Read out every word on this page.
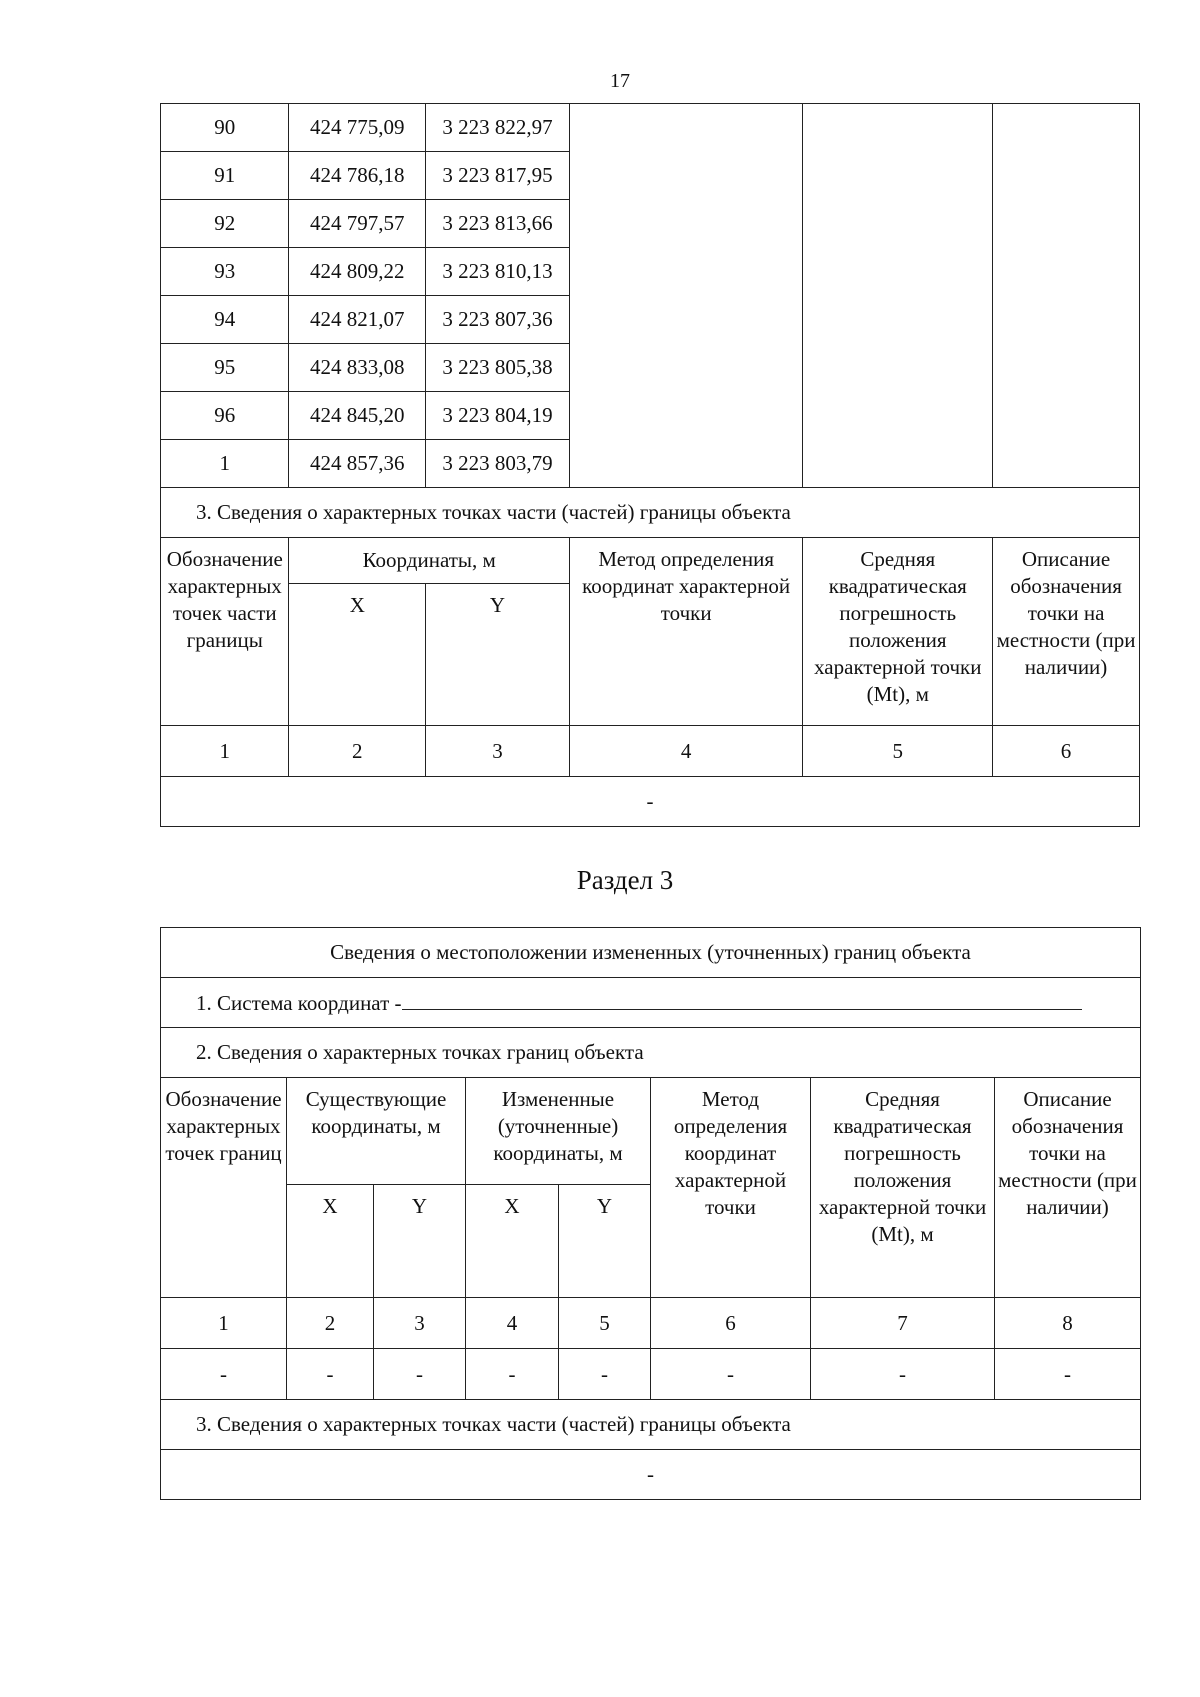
17
90	424 775,09	3 223 822,97			
91	424 786,18	3 223 817,95			
92	424 797,57	3 223 813,66			
93	424 809,22	3 223 810,13			
94	424 821,07	3 223 807,36			
95	424 833,08	3 223 805,38			
96	424 845,20	3 223 804,19			
1	424 857,36	3 223 803,79			
3. Сведения о характерных точках части (частей) границы объекта					
Обозначение характерных точек части границы	Координаты, м		Метод определения координат характерной точки	Средняя квадратическая погрешность положения характерной точки (Mt), м	Описание обозначения точки на местности (при наличии)
	X	Y			
1	2	3	4	5	6
-					
Раздел 3
Сведения о местоположении измененных (уточненных) границ объекта							
1. Система координат -							
2. Сведения о характерных точках границ объекта							
Обозначение характерных точек границ	Существующие координаты, м		Измененные (уточненные) координаты, м		Метод определения координат характерной точки	Средняя квадратическая погрешность положения характерной точки (Mt), м	Описание обозначения точки на местности (при наличии)
	X	Y	X	Y			
1	2	3	4	5	6	7	8
-	-	-	-	-	-	-	-
3. Сведения о характерных точках части (частей) границы объекта							
-							
